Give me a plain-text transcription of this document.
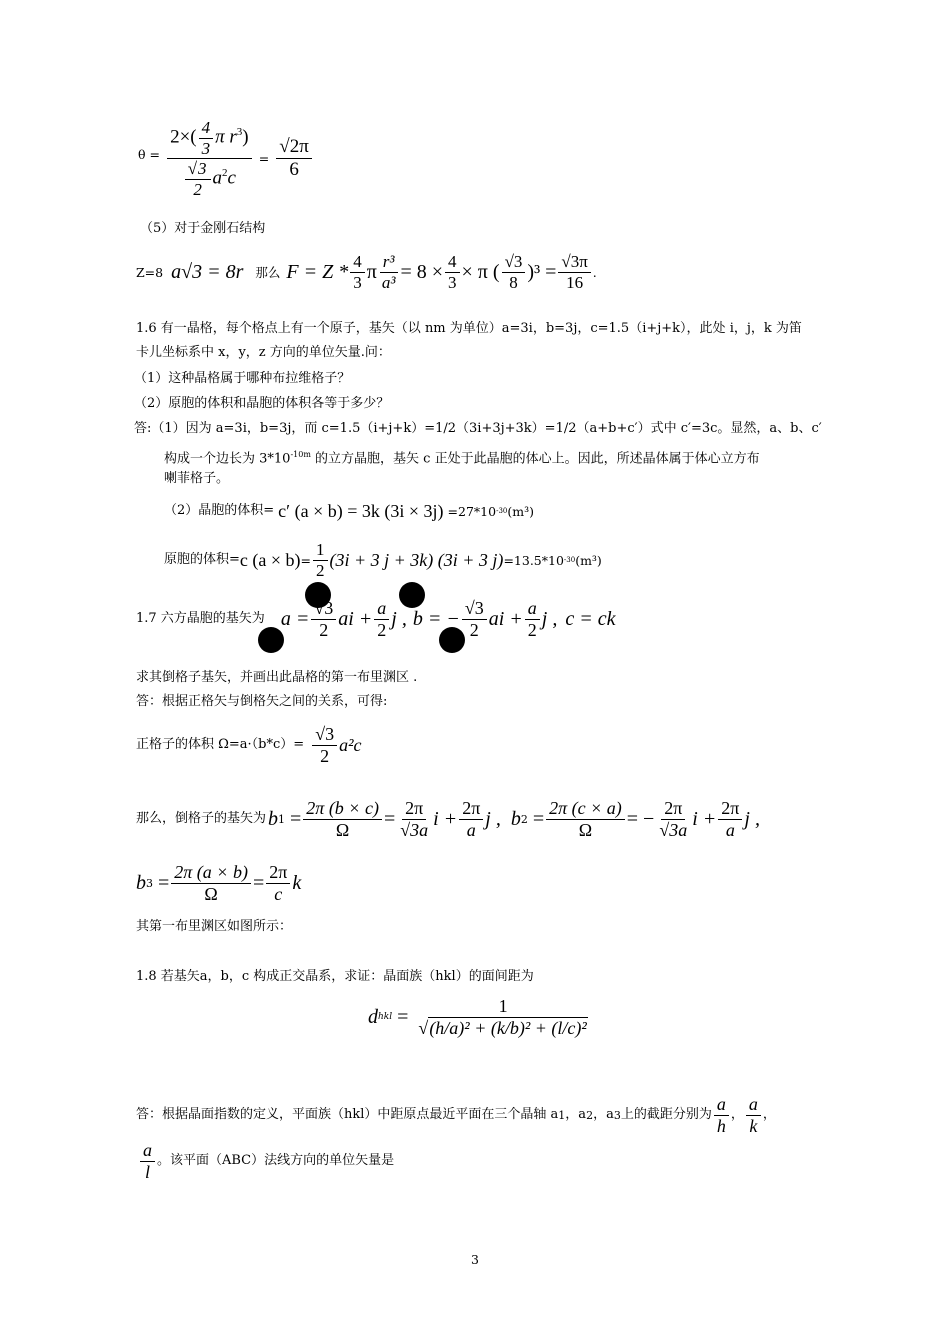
$^{\theta =} \frac{2\times( \frac{4}{3} \pi r^3)}{\frac{√3}{2} a^2c} = \frac{√2\pi}{6}$
（5）对于金刚石结构
Z=8 a√3 = 8r 那么 $F = Z * \frac{4}{3}$ π $\frac{\text{r³}}{\text{a³}} = 8 \times \frac{4}{3} \times \pi$ ( $\frac{√3}{8} )^3 = \frac{√3\pi}{16}$ .
1.6 有一晶格，每个格点上有一个原子，基矢（以 nm 为单位）a=3i，b=3j，c=1.5（i+j+k），此处 i，j，k 为笛
卡儿坐标系中 x，y，z 方向的单位矢量.问：
（1）这种晶格属于哪种布拉维格子？
（2）原胞的体积和晶胞的体积各等于多少？
答:（1）因为 a=3i，b=3j，而 c=1.5（i+j+k）=1/2（3i+3j+3k）=1/2（a+b+c′）式中 c′=3c。显然，a、b、c′
构成一个边长为 $3*10^{-10m}$ 的立方晶胞，基矢 c 正处于此晶胞的体心上。因此，所述晶体属于体心立方布
喇菲格子。
（2）晶胞的体积= c′ (a × b) = 3k (3i × 3j) =27*10 -30 (m³)
原胞的体积= c $(a \times b) = \frac{1}{2} (3i + 3$ j + 3k) (3i + 3 j) =13.5*10 -30 (m³)
1.7 六方晶胞的基矢为 $a = \frac{√3}{2}$ ai + $\frac{a}{2}$ j , b = − $\frac{√3}{2}$ ai + $\frac{a}{2}$ j , c = ck
求其倒格子基矢，并画出此晶格的第一布里渊区 .
答：根据正格矢与倒格矢之间的关系，可得:
正格子的体积 $\Omega=a\cdot(b*c)= \frac{√3}{2} a^2c$
那么，倒格子的基矢为 b $1 = \frac{2\pi (b \times c)}{\Omega} = \frac{2\pi}{√3a}$ $i + \frac{2\pi}{a}$ j , b $2 = \frac{2\pi (c \times a)}{\Omega}$ = − $\frac{2\pi}{√3a}$ $i + \frac{2\pi}{a}$ j ,
b $3 = \frac{2\pi (a \times b)}{\Omega} = \frac{2\pi}{c}$ k
其第一布里渊区如图所示：
1.8 若基矢a，b，c 构成正交晶系，求证：晶面族（hkl）的面间距为
d hkl = $\frac{1}{\text{√(h/a)² + (k/b)² + (l/c)²}}$
答：根据晶面指数的定义，平面族（hkl）中距原点最近平面在三个晶轴 a 1 ，a 2 ，a 3 上的截距分别为 $\frac{a}{h}$ ， $\frac{a}{k}$ ，
$\frac{a}{l}$ 。该平面（ABC）法线方向的单位矢量是
3
